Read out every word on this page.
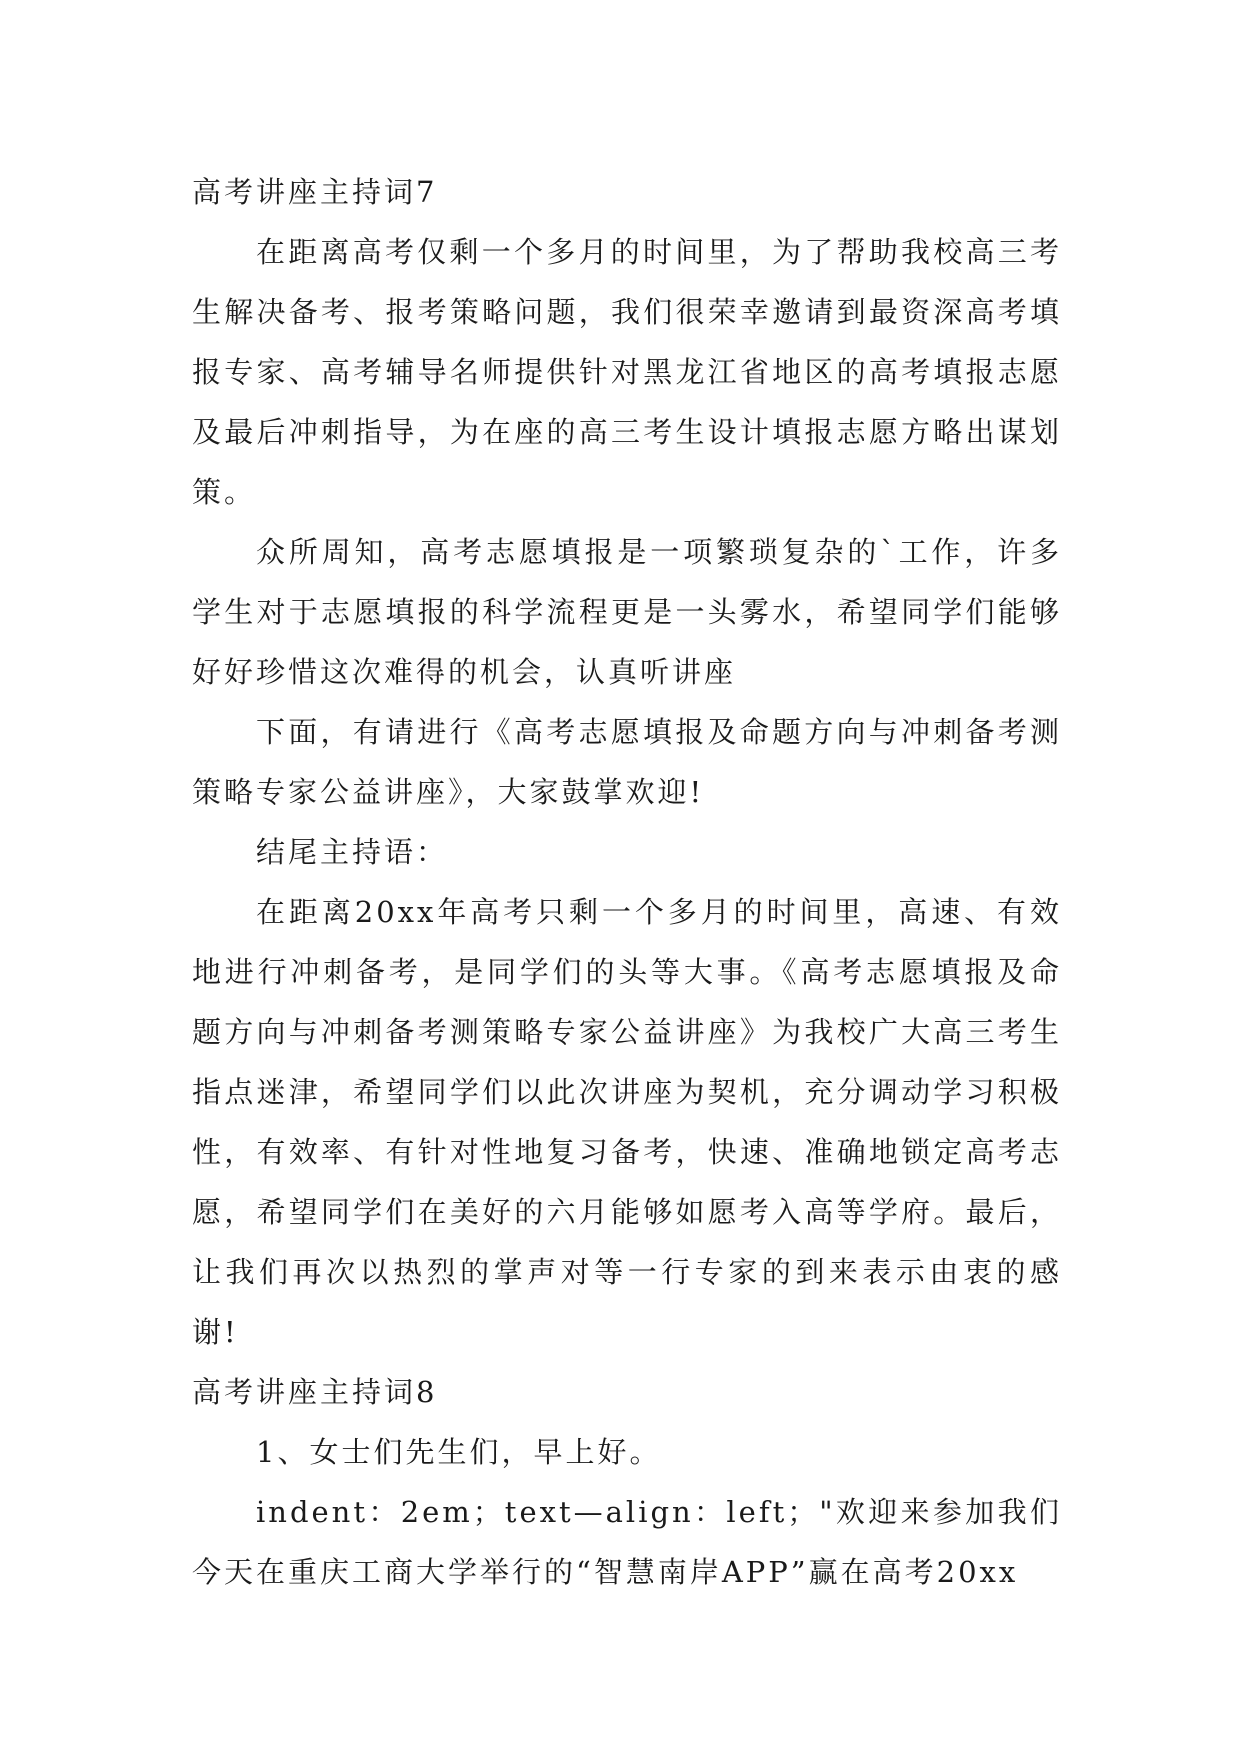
高考讲座主持词7

在距离高考仅剩一个多月的时间里，为了帮助我校高三考生解决备考、报考策略问题，我们很荣幸邀请到最资深高考填报专家、高考辅导名师提供针对黑龙江省地区的高考填报志愿及最后冲刺指导，为在座的高三考生设计填报志愿方略出谋划策。

众所周知，高考志愿填报是一项繁琐复杂的`工作，许多学生对于志愿填报的科学流程更是一头雾水，希望同学们能够好好珍惜这次难得的机会，认真听讲座

下面，有请进行《高考志愿填报及命题方向与冲刺备考测策略专家公益讲座》，大家鼓掌欢迎!

结尾主持语：

在距离20xx年高考只剩一个多月的时间里，高速、有效地进行冲刺备考，是同学们的头等大事。《高考志愿填报及命题方向与冲刺备考测策略专家公益讲座》为我校广大高三考生指点迷津，希望同学们以此次讲座为契机，充分调动学习积极性，有效率、有针对性地复习备考，快速、准确地锁定高考志愿，希望同学们在美好的六月能够如愿考入高等学府。最后，让我们再次以热烈的掌声对等一行专家的到来表示由衷的感谢!

高考讲座主持词8

1、女士们先生们，早上好。

indent：2em；text—align：left；"欢迎来参加我们今天在重庆工商大学举行的“智慧南岸APP”赢在高考20xx
